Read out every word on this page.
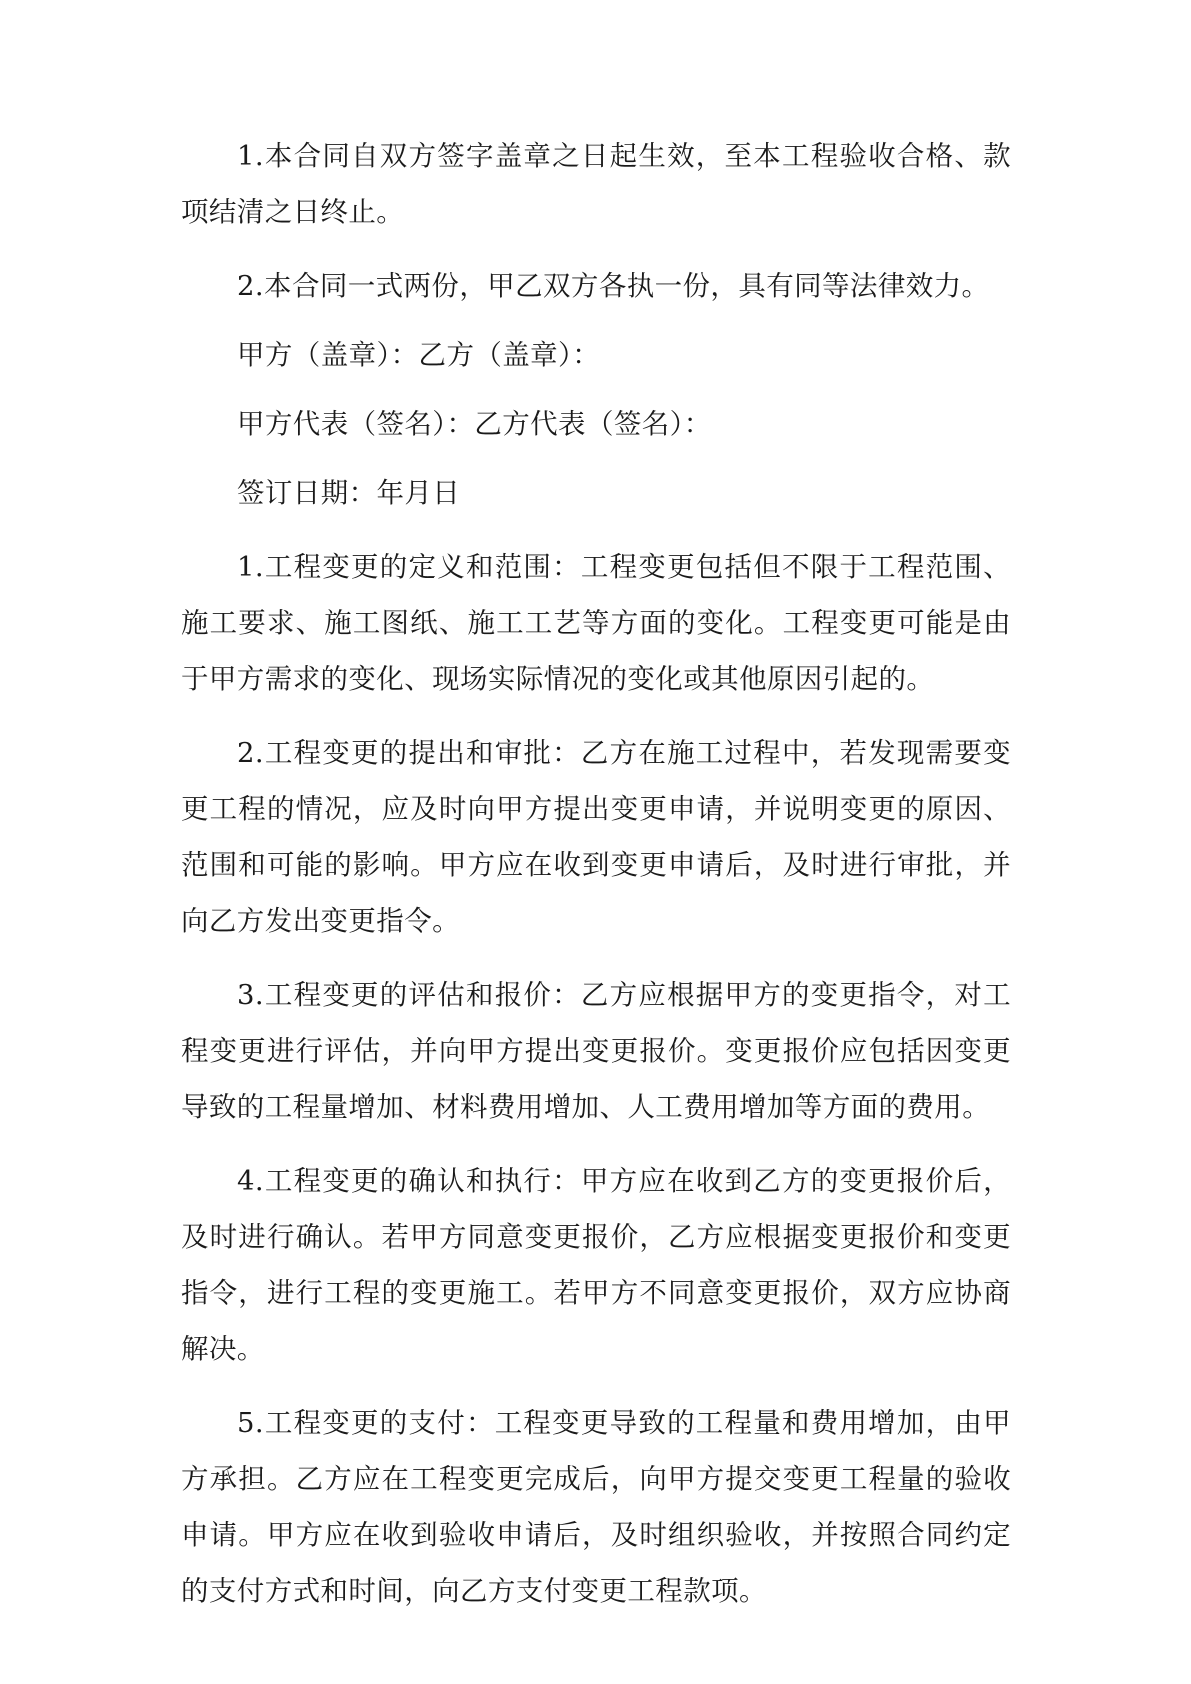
1.本合同自双方签字盖章之日起生效，至本工程验收合格、款项结清之日终止。

2.本合同一式两份，甲乙双方各执一份，具有同等法律效力。

甲方（盖章）：乙方（盖章）：

甲方代表（签名）：乙方代表（签名）：

签订日期：年月日

1.工程变更的定义和范围：工程变更包括但不限于工程范围、施工要求、施工图纸、施工工艺等方面的变化。工程变更可能是由于甲方需求的变化、现场实际情况的变化或其他原因引起的。

2.工程变更的提出和审批：乙方在施工过程中，若发现需要变更工程的情况，应及时向甲方提出变更申请，并说明变更的原因、范围和可能的影响。甲方应在收到变更申请后，及时进行审批，并向乙方发出变更指令。

3.工程变更的评估和报价：乙方应根据甲方的变更指令，对工程变更进行评估，并向甲方提出变更报价。变更报价应包括因变更导致的工程量增加、材料费用增加、人工费用增加等方面的费用。

4.工程变更的确认和执行：甲方应在收到乙方的变更报价后，及时进行确认。若甲方同意变更报价，乙方应根据变更报价和变更指令，进行工程的变更施工。若甲方不同意变更报价，双方应协商解决。

5.工程变更的支付：工程变更导致的工程量和费用增加，由甲方承担。乙方应在工程变更完成后，向甲方提交变更工程量的验收申请。甲方应在收到验收申请后，及时组织验收，并按照合同约定的支付方式和时间，向乙方支付变更工程款项。
